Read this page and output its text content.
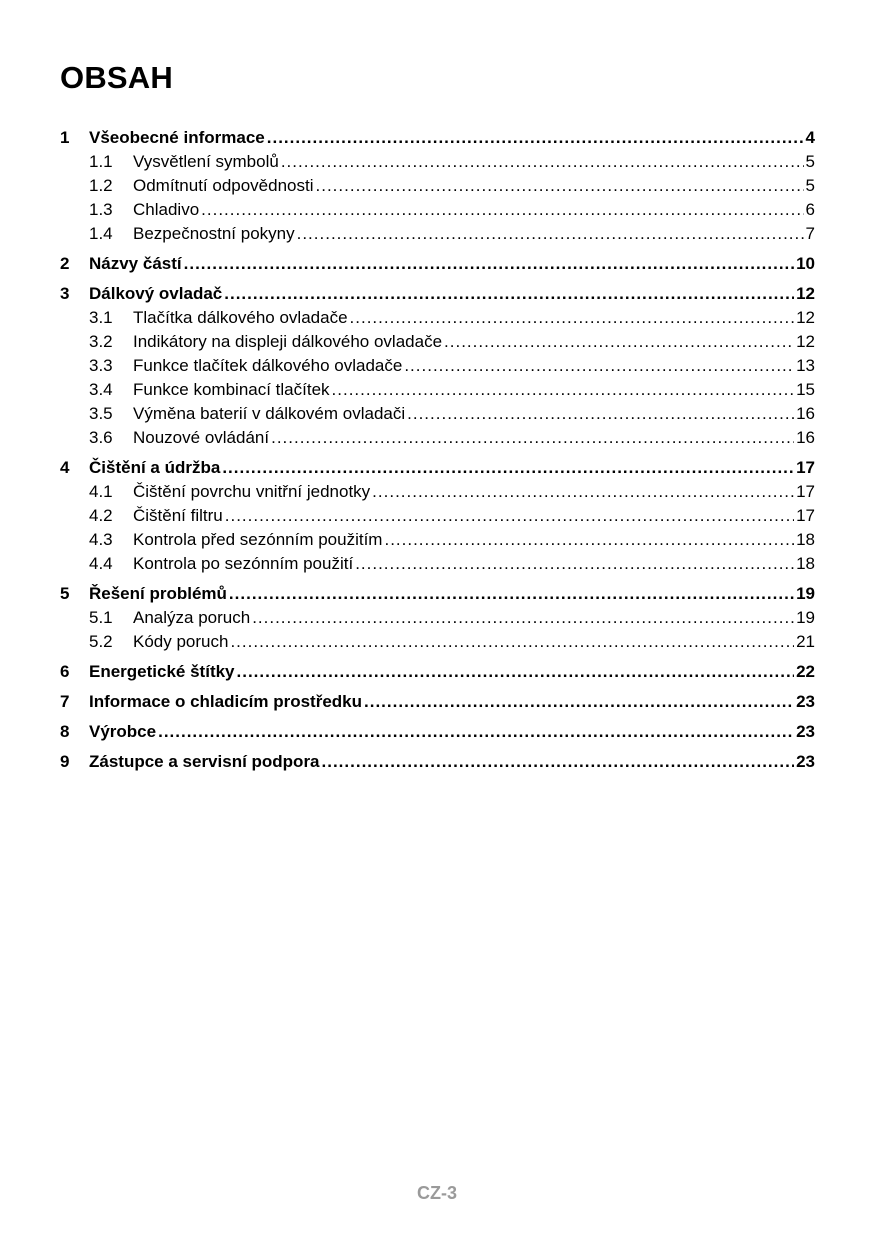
OBSAH
1	Všeobecné informace .....	4
1.1	Vysvětlení symbolů .....	5
1.2	Odmítnutí odpovědnosti .....	5
1.3	Chladivo .....	6
1.4	Bezpečnostní pokyny .....	7
2	Názvy částí .....	10
3	Dálkový ovladač .....	12
3.1	Tlačítka dálkového ovladače .....	12
3.2	Indikátory na displeji dálkového ovladače .....	12
3.3	Funkce tlačítek dálkového ovladače .....	13
3.4	Funkce kombinací tlačítek .....	15
3.5	Výměna baterií v dálkovém ovladači .....	16
3.6	Nouzové ovládání .....	16
4	Čištění a údržba .....	17
4.1	Čištění povrchu vnitřní jednotky .....	17
4.2	Čištění filtru .....	17
4.3	Kontrola před sezónním použitím .....	18
4.4	Kontrola po sezónním použití .....	18
5	Řešení problémů .....	19
5.1	Analýza poruch .....	19
5.2	Kódy poruch .....	21
6	Energetické štítky .....	22
7	Informace o chladicím prostředku .....	23
8	Výrobce .....	23
9	Zástupce a servisní podpora .....	23
CZ-3
